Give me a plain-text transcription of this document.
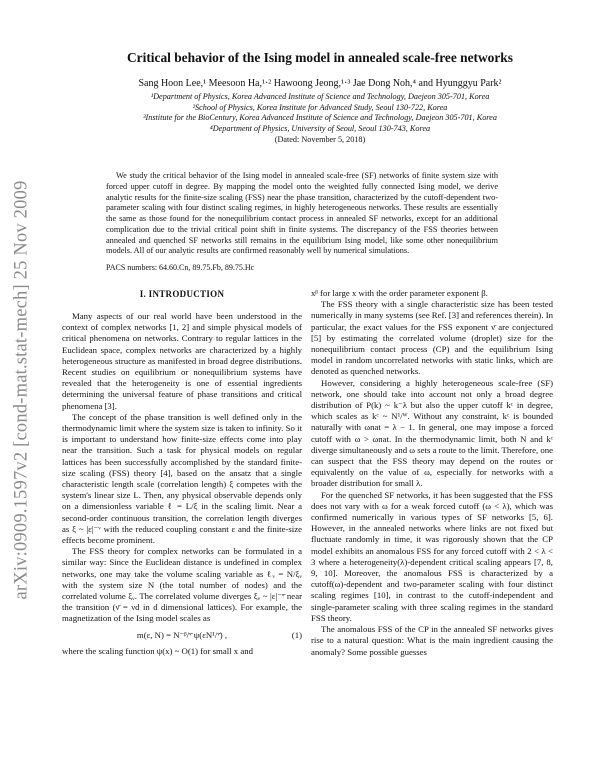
arXiv:0909.1597v2 [cond-mat.stat-mech] 25 Nov 2009
Critical behavior of the Ising model in annealed scale-free networks
Sang Hoon Lee,¹ Meesoon Ha,¹·² Hawoong Jeong,¹·³ Jae Dong Noh,⁴ and Hyunggyu Park²
¹Department of Physics, Korea Advanced Institute of Science and Technology, Daejeon 305-701, Korea
²School of Physics, Korea Institute for Advanced Study, Seoul 130-722, Korea
³Institute for the BioCentury, Korea Advanced Institute of Science and Technology, Daejeon 305-701, Korea
⁴Department of Physics, University of Seoul, Seoul 130-743, Korea
(Dated: November 5, 2018)
We study the critical behavior of the Ising model in annealed scale-free (SF) networks of finite system size with forced upper cutoff in degree. By mapping the model onto the weighted fully connected Ising model, we derive analytic results for the finite-size scaling (FSS) near the phase transition, characterized by the cutoff-dependent two-parameter scaling with four distinct scaling regimes, in highly heterogeneous networks. These results are essentially the same as those found for the nonequilibrium contact process in annealed SF networks, except for an additional complication due to the trivial critical point shift in finite systems. The discrepancy of the FSS theories between annealed and quenched SF networks still remains in the equilibrium Ising model, like some other nonequilibrium models. All of our analytic results are confirmed reasonably well by numerical simulations.
PACS numbers: 64.60.Cn, 89.75.Fb, 89.75.Hc
I. INTRODUCTION

Many aspects of our real world have been understood in the context of complex networks [1, 2] and simple physical models of critical phenomena on networks. Contrary to regular lattices in the Euclidean space, complex networks are characterized by a highly heterogeneous structure as manifested in broad degree distributions. Recent studies on equilibrium or nonequilibrium systems have revealed that the heterogeneity is one of essential ingredients determining the universal feature of phase transitions and critical phenomena [3].

The concept of the phase transition is well defined only in the thermodynamic limit where the system size is taken to infinity. So it is important to understand how finite-size effects come into play near the transition. Such a task for physical models on regular lattices has been successfully accomplished by the standard finite-size scaling (FSS) theory [4], based on the ansatz that a single characteristic length scale (correlation length) ξ competes with the system's linear size L. Then, any physical observable depends only on a dimensionless variable ℓ = L/ξ in the scaling limit. Near a second-order continuous transition, the correlation length diverges as ξ ~ |ε|⁻ᵛ with the reduced coupling constant ε and the finite-size effects become prominent.

The FSS theory for complex networks can be formulated in a similar way: Since the Euclidean distance is undefined in complex networks, one may take the volume scaling variable as ℓᵥ = N/ξᵥ with the system size N (the total number of nodes) and the correlated volume ξᵥ. The correlated volume diverges ξᵥ ~ |ε|⁻ᵛ̄ near the transition (ν̄ = νd in d dimensional lattices). For example, the magnetization of the Ising model scales as

m(ε, N) = N⁻ᵝ/ᵛ̄ ψ(εN¹/ᵛ̄) ,	(1)

where the scaling function ψ(x) ~ O(1) for small x and

xᵝ for large x with the order parameter exponent β.

The FSS theory with a single characteristic size has been tested numerically in many systems (see Ref. [3] and references therein). In particular, the exact values for the FSS exponent ν̄ are conjectured [5] by estimating the correlated volume (droplet) size for the nonequilibrium contact process (CP) and the equilibrium Ising model in random uncorrelated networks with static links, which are denoted as quenched networks.

However, considering a highly heterogeneous scale-free (SF) network, one should take into account not only a broad degree distribution of P(k) ~ k⁻λ but also the upper cutoff kᶜ in degree, which scales as kᶜ ~ N¹/ᵂ. Without any constraint, kᶜ is bounded naturally with ωnat = λ − 1. In general, one may impose a forced cutoff with ω > ωnat. In the thermodynamic limit, both N and kᶜ diverge simultaneously and ω sets a route to the limit. Therefore, one can suspect that the FSS theory may depend on the routes or equivalently on the value of ω, especially for networks with a broader distribution for small λ.

For the quenched SF networks, it has been suggested that the FSS does not vary with ω for a weak forced cutoff (ω < λ), which was confirmed numerically in various types of SF networks [5, 6]. However, in the annealed networks where links are not fixed but fluctuate randomly in time, it was rigorously shown that the CP model exhibits an anomalous FSS for any forced cutoff with 2 < λ < 3 where a heterogeneity(λ)-dependent critical scaling appears [7, 8, 9, 10]. Moreover, the anomalous FSS is characterized by a cutoff(ω)-dependent and two-parameter scaling with four distinct scaling regimes [10], in contrast to the cutoff-independent and single-parameter scaling with three scaling regimes in the standard FSS theory.

The anomalous FSS of the CP in the annealed SF networks gives rise to a natural question: What is the main ingredient causing the anomaly? Some possible guesses
